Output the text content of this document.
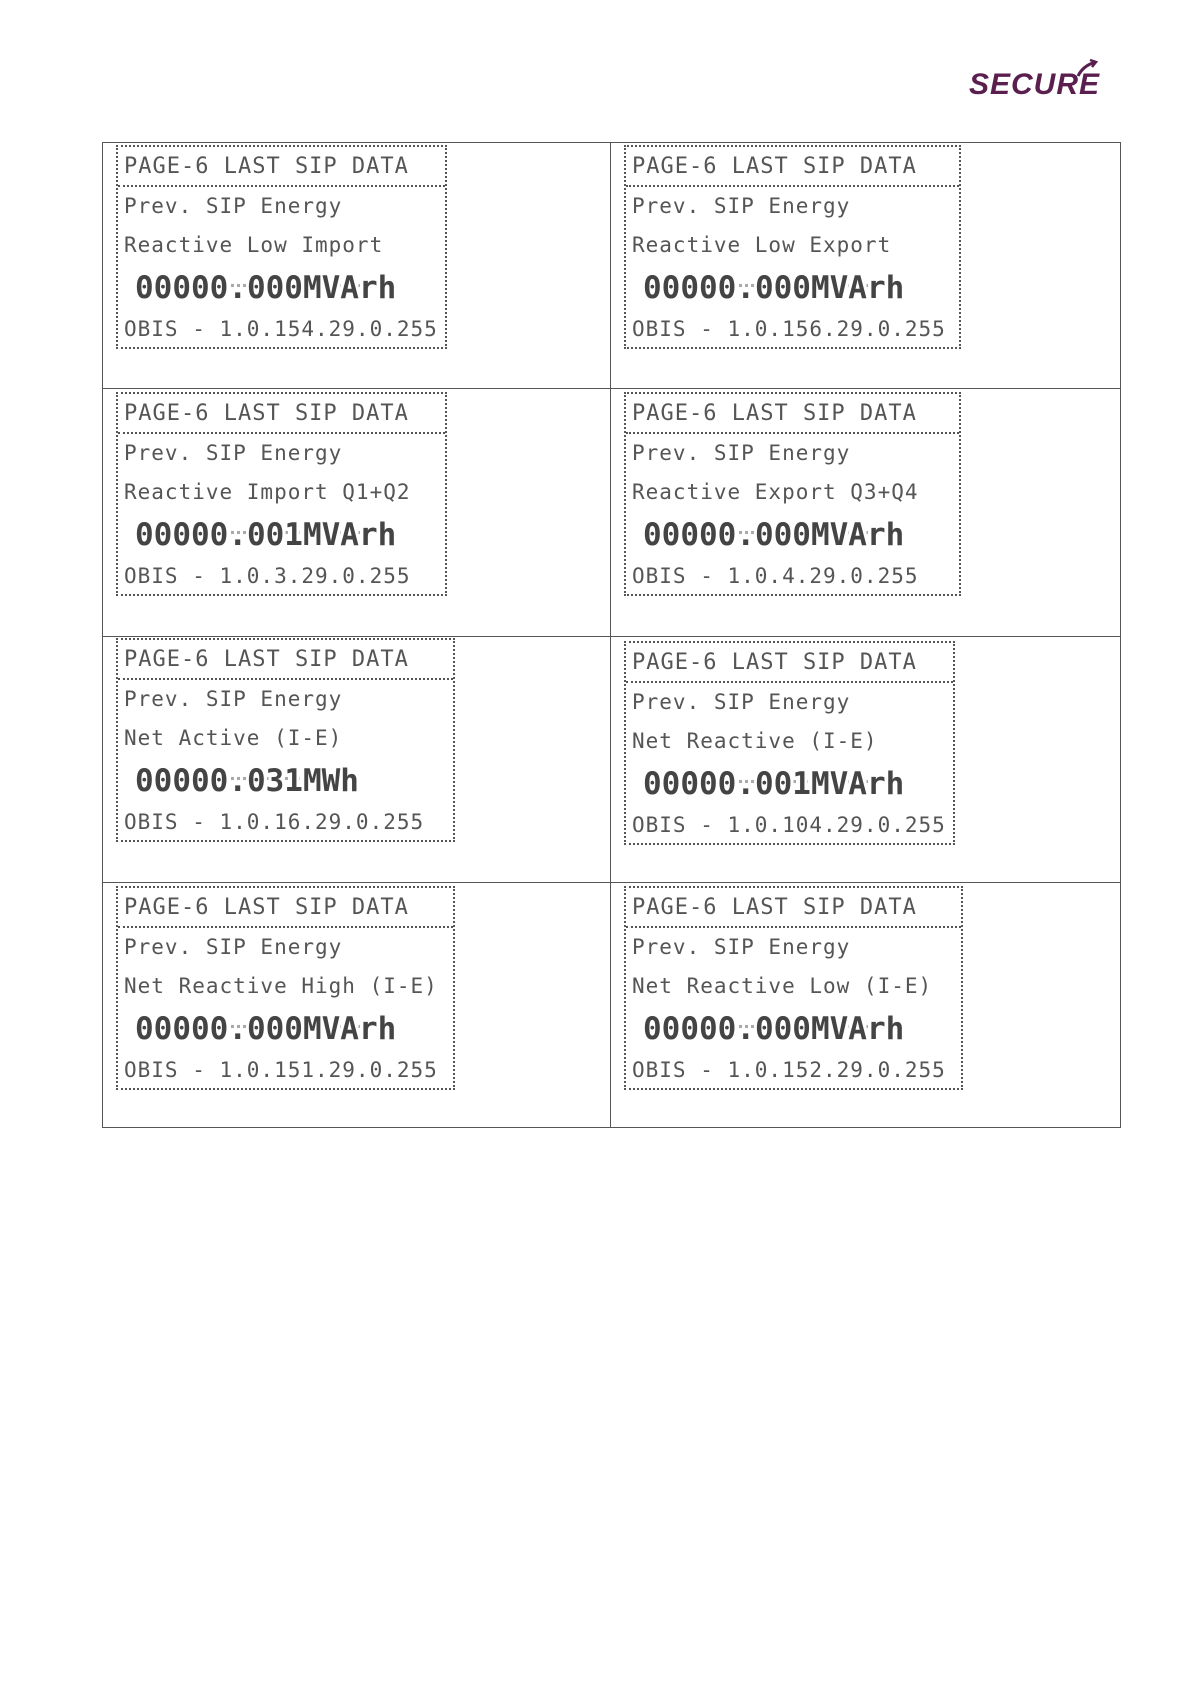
SECURE
PAGE-6 LAST SIP DATA
Prev. SIP Energy
Reactive Low Import
00000.000MVArh
OBIS - 1.0.154.29.0.255
PAGE-6 LAST SIP DATA
Prev. SIP Energy
Reactive Low Export
00000.000MVArh
OBIS - 1.0.156.29.0.255
PAGE-6 LAST SIP DATA
Prev. SIP Energy
Reactive Import Q1+Q2
00000.001MVArh
OBIS - 1.0.3.29.0.255
PAGE-6 LAST SIP DATA
Prev. SIP Energy
Reactive Export Q3+Q4
00000.000MVArh
OBIS - 1.0.4.29.0.255
PAGE-6 LAST SIP DATA
Prev. SIP Energy
Net Active (I-E)
00000.031MWh
OBIS - 1.0.16.29.0.255
PAGE-6 LAST SIP DATA
Prev. SIP Energy
Net Reactive (I-E)
00000.001MVArh
OBIS - 1.0.104.29.0.255
PAGE-6 LAST SIP DATA
Prev. SIP Energy
Net Reactive High (I-E)
00000.000MVArh
OBIS - 1.0.151.29.0.255
PAGE-6 LAST SIP DATA
Prev. SIP Energy
Net Reactive Low (I-E)
00000.000MVArh
OBIS - 1.0.152.29.0.255
